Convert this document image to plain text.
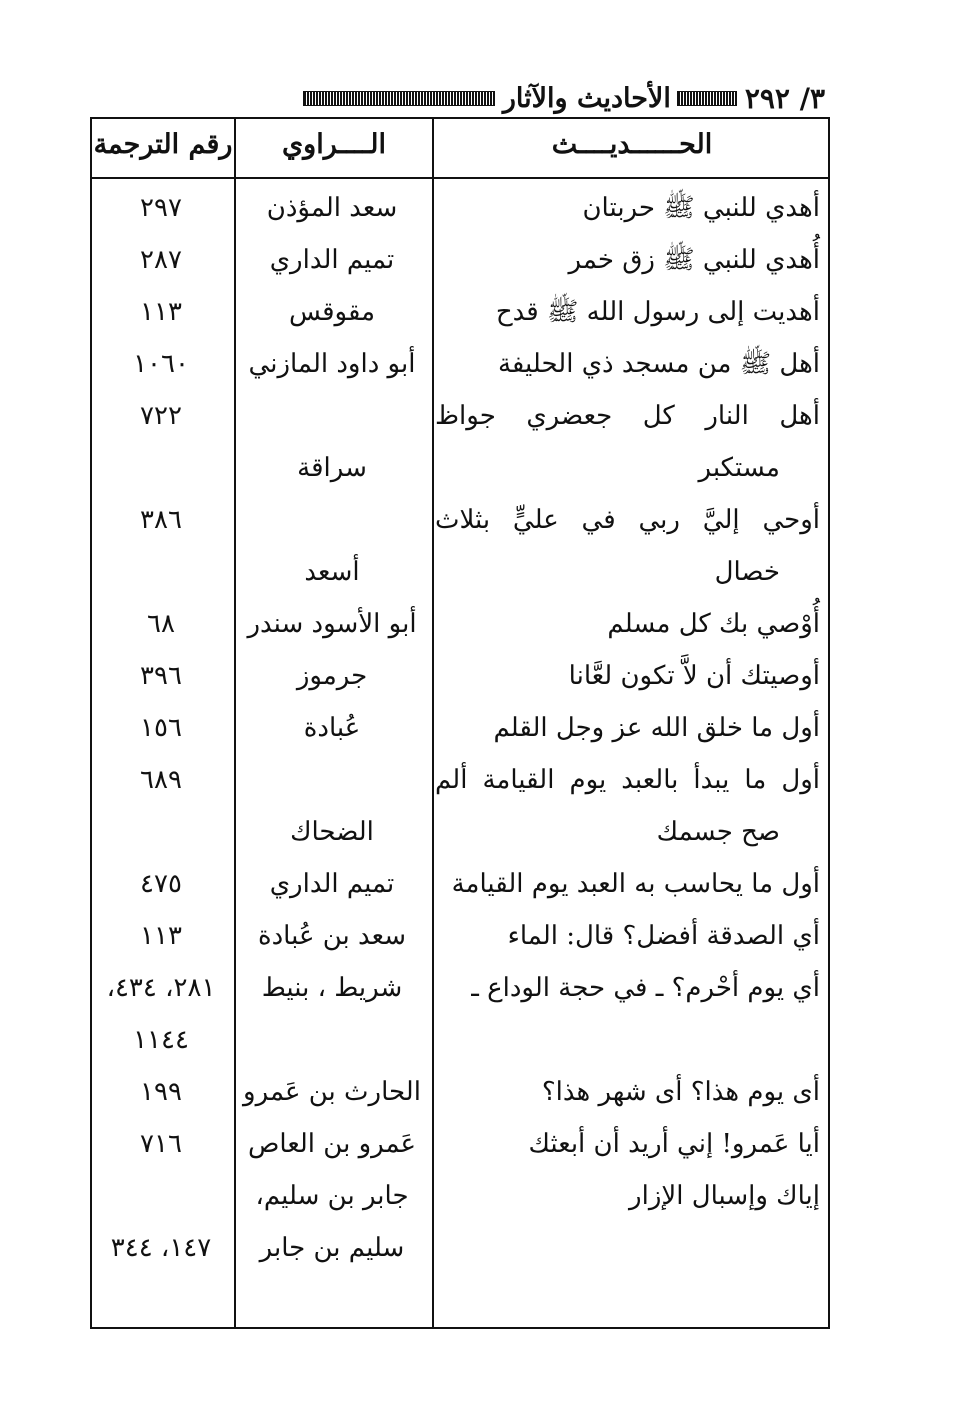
٣/ ٢٩٢
الأحاديث والآثار
الحــــــديــــث
الــــراوي
رقم الترجمة
أهدي للنبي ﷺ حربتان
سعد المؤذن
٢٩٧
أُهدي للنبي ﷺ زق خمر
تميم الداري
٢٨٧
أهديت إلى رسول الله ﷺ قدح
مقوقس
١١٣
أهل ﷺ من مسجد ذي الحليفة
أبو داود المازني
١٠٦٠
أهل النار كل جعضري جواظ
٧٢٢
مستكبر
سراقة
أوحي إليَّ ربي في عليٍّ بثلاث
٣٨٦
خصال
أسعد
أُوْصي بك كل مسلم
أبو الأسود سندر
٦٨
أوصيتك أن لاَّ تكون لعَّانا
جرموز
٣٩٦
أول ما خلق الله عز وجل القلم
عُبادة
١٥٦
أول ما يبدأ بالعبد يوم القيامة ألم
٦٨٩
صح جسمك
الضحاك
أول ما يحاسب به العبد يوم القيامة
تميم الداري
٤٧٥
أي الصدقة أفضل؟ قال: الماء
سعد بن عُبادة
١١٣
أي يوم أحْرم؟ ـ في حجة الوداع ـ
شريط ، بنيط
٢٨١، ٤٣٤،
١١٤٤
أى يوم هذا؟ أى شهر هذا؟
الحارث بن عَمرو
١٩٩
أيا عَمرو! إني أريد أن أبعثك
عَمرو بن العاص
٧١٦
إياك وإسبال الإزار
جابر بن سليم،
سليم بن جابر
١٤٧، ٣٤٤
